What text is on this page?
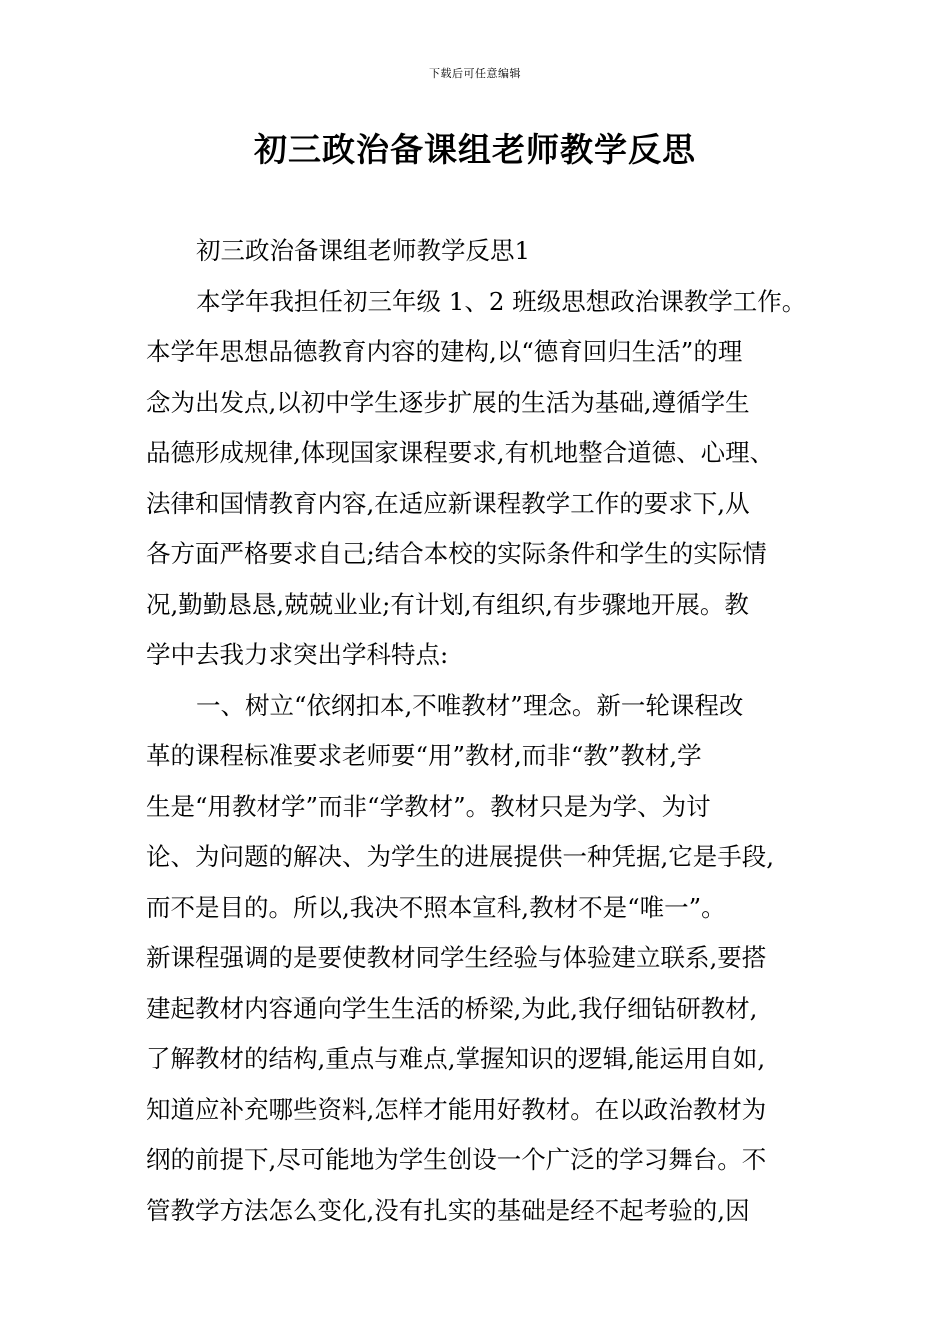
下载后可任意编辑
初三政治备课组老师教学反思
初三政治备课组老师教学反思1
本学年我担任初三年级 1、2 班级思想政治课教学工作。
本学年思想品德教育内容的建构,以“德育回归生活”的理
念为出发点,以初中学生逐步扩展的生活为基础,遵循学生
品德形成规律,体现国家课程要求,有机地整合道德、心理、
法律和国情教育内容,在适应新课程教学工作的要求下,从
各方面严格要求自己;结合本校的实际条件和学生的实际情
况,勤勤恳恳,兢兢业业;有计划,有组织,有步骤地开展。教
学中去我力求突出学科特点:
一、树立“依纲扣本,不唯教材”理念。新一轮课程改
革的课程标准要求老师要“用”教材,而非“教”教材,学
生是“用教材学”而非“学教材”。教材只是为学、为讨
论、为问题的解决、为学生的进展提供一种凭据,它是手段,
而不是目的。所以,我决不照本宣科,教材不是“唯一”。
新课程强调的是要使教材同学生经验与体验建立联系,要搭
建起教材内容通向学生生活的桥梁,为此,我仔细钻研教材,
了解教材的结构,重点与难点,掌握知识的逻辑,能运用自如,
知道应补充哪些资料,怎样才能用好教材。在以政治教材为
纲的前提下,尽可能地为学生创设一个广泛的学习舞台。不
管教学方法怎么变化,没有扎实的基础是经不起考验的,因
